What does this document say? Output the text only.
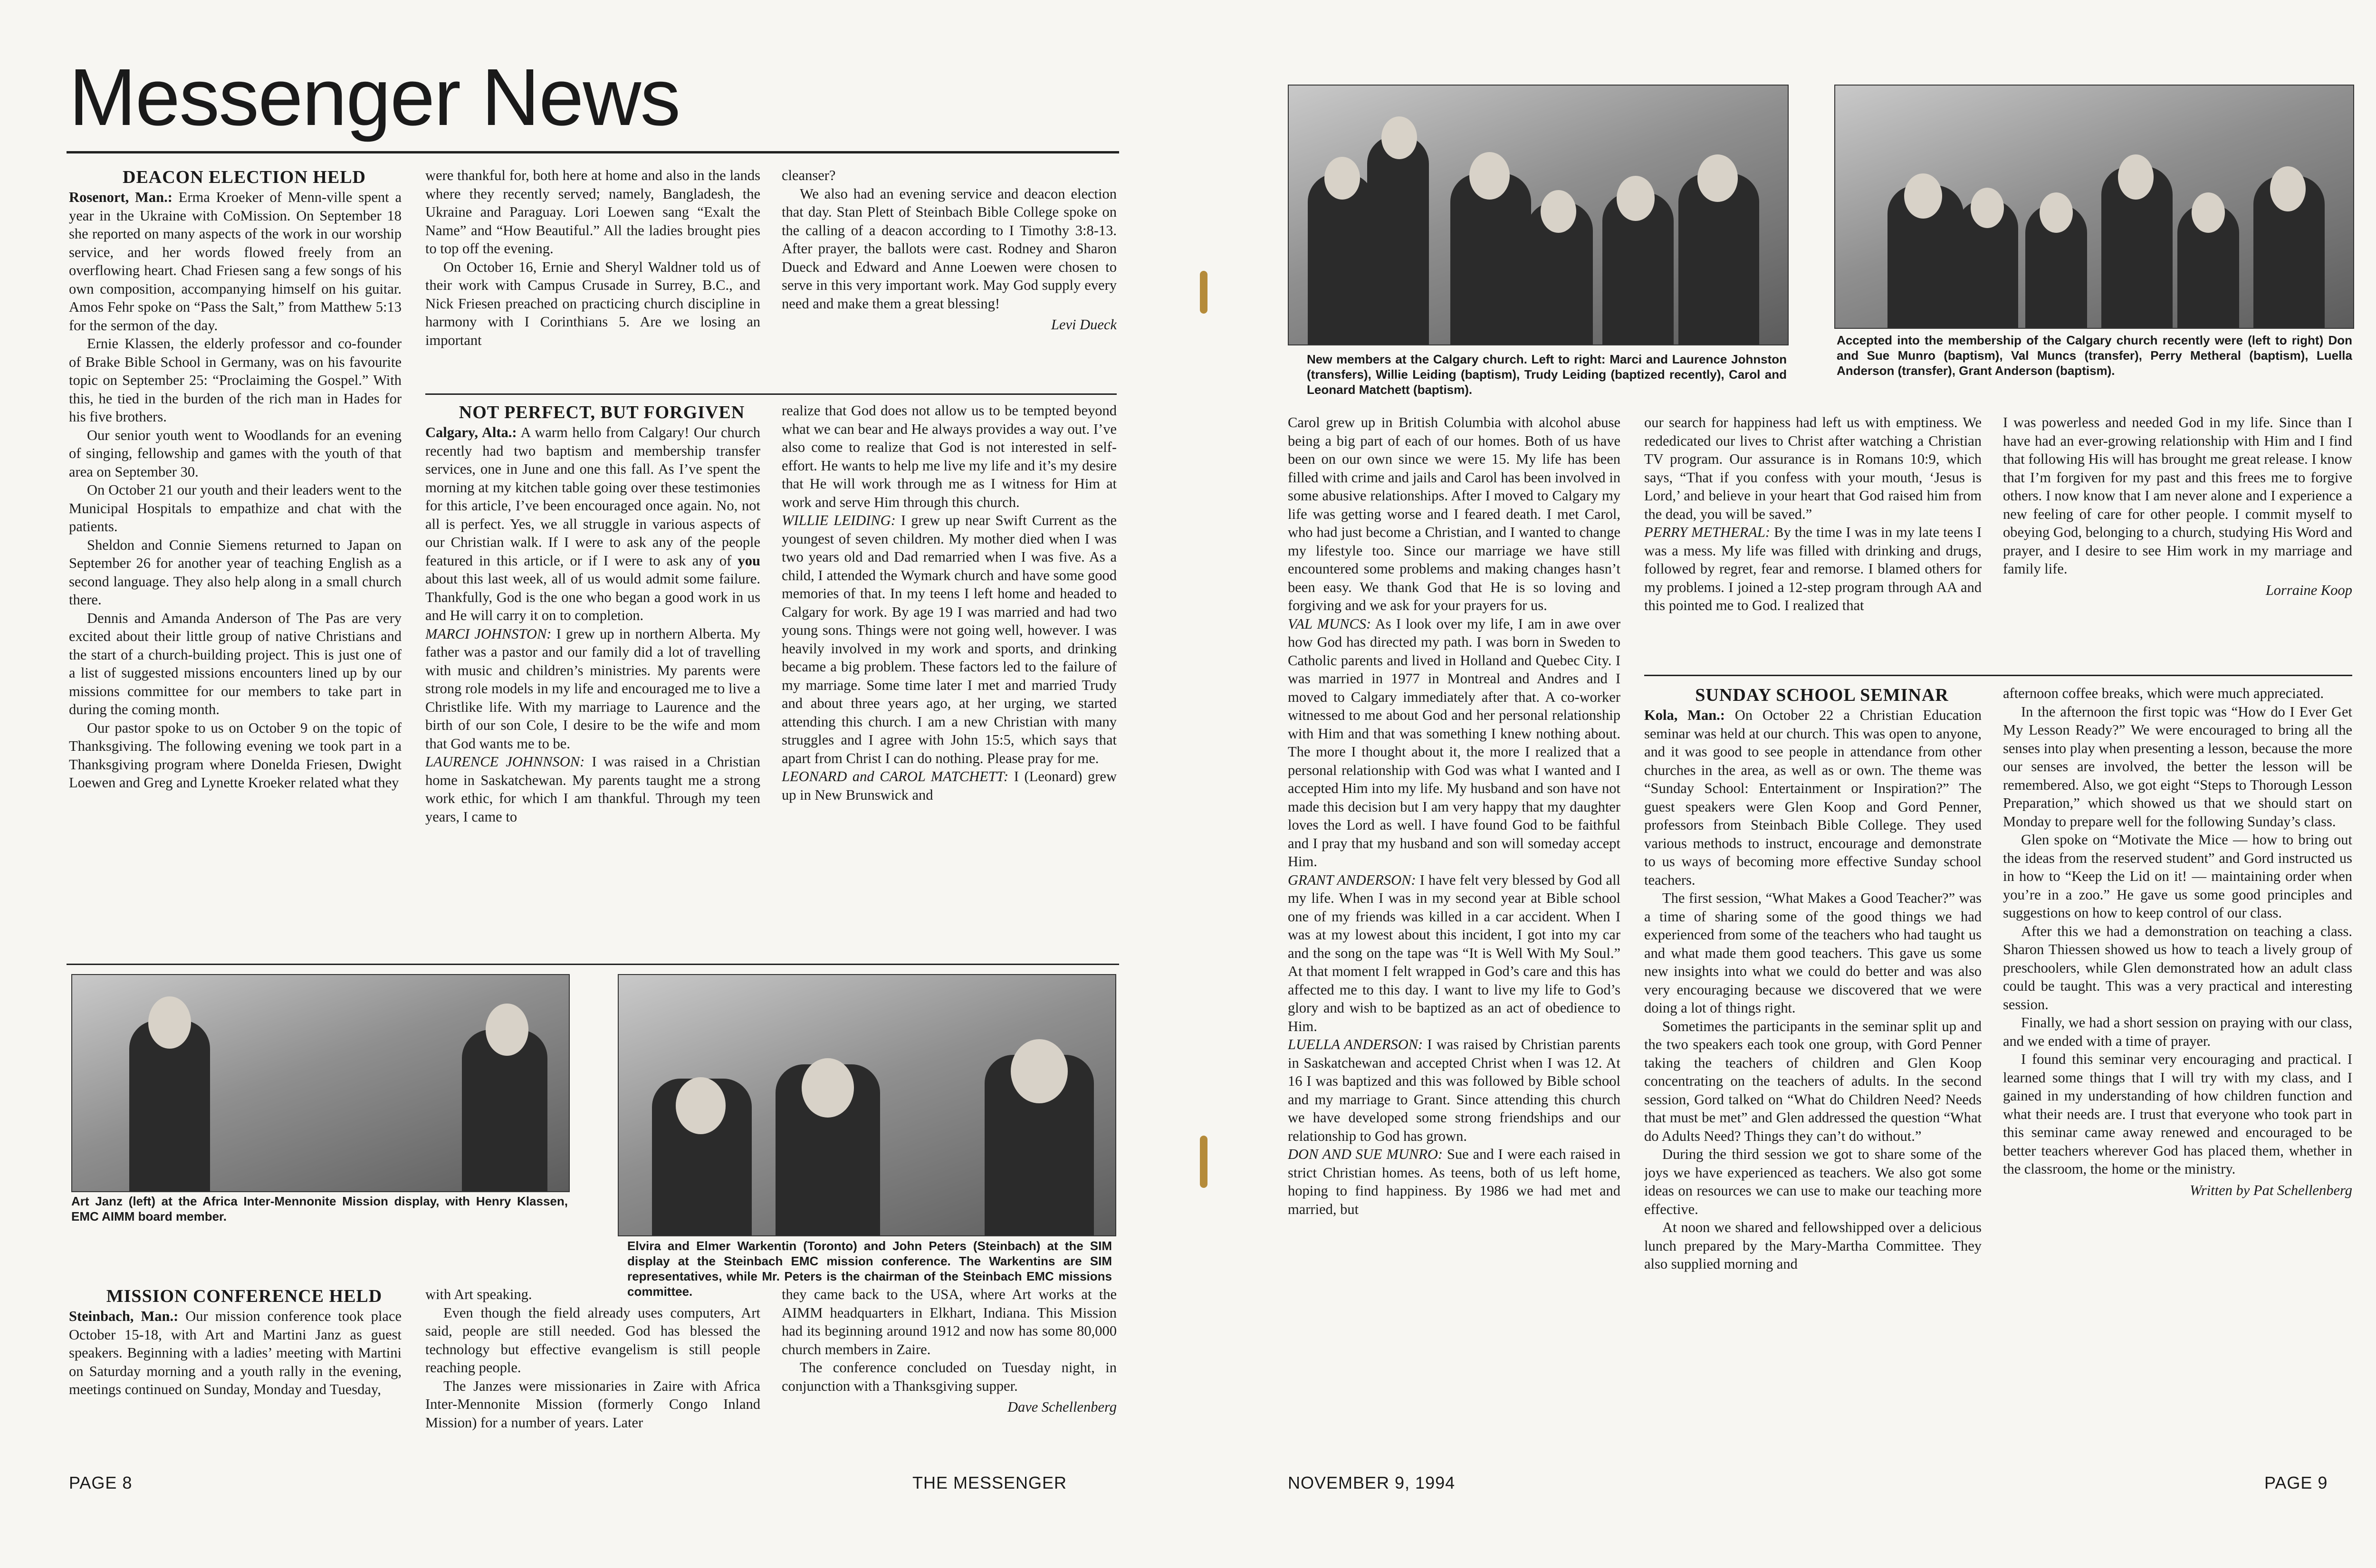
Messenger News

DEACON ELECTION HELD

Rosenort, Man.: Erma Kroeker of Menn-ville spent a year in the Ukraine with CoMission. On September 18 she reported on many aspects of the work in our worship service, and her words flowed freely from an overflowing heart. Chad Friesen sang a few songs of his own composition, accompanying himself on his guitar. Amos Fehr spoke on “Pass the Salt,” from Matthew 5:13 for the sermon of the day.

Ernie Klassen, the elderly professor and co-founder of Brake Bible School in Germany, was on his favourite topic on September 25: “Proclaiming the Gospel.” With this, he tied in the burden of the rich man in Hades for his five brothers.

Our senior youth went to Woodlands for an evening of singing, fellowship and games with the youth of that area on September 30.

On October 21 our youth and their leaders went to the Municipal Hospitals to empathize and chat with the patients.

Sheldon and Connie Siemens returned to Japan on September 26 for another year of teaching English as a second language. They also help along in a small church there.

Dennis and Amanda Anderson of The Pas are very excited about their little group of native Christians and the start of a church-building project. This is just one of a list of suggested missions encounters lined up by our missions committee for our members to take part in during the coming month.

Our pastor spoke to us on October 9 on the topic of Thanksgiving. The following evening we took part in a Thanksgiving program where Donelda Friesen, Dwight Loewen and Greg and Lynette Kroeker related what they

were thankful for, both here at home and also in the lands where they recently served; namely, Bangladesh, the Ukraine and Paraguay. Lori Loewen sang “Exalt the Name” and “How Beautiful.” All the ladies brought pies to top off the evening.

On October 16, Ernie and Sheryl Waldner told us of their work with Campus Crusade in Surrey, B.C., and Nick Friesen preached on practicing church discipline in harmony with I Corinthians 5. Are we losing an important

cleanser?

We also had an evening service and deacon election that day. Stan Plett of Steinbach Bible College spoke on the calling of a deacon according to I Timothy 3:8-13. After prayer, the ballots were cast. Rodney and Sharon Dueck and Edward and Anne Loewen were chosen to serve in this very important work. May God supply every need and make them a great blessing!

Levi Dueck

NOT PERFECT, BUT FORGIVEN

Calgary, Alta.: A warm hello from Calgary! Our church recently had two baptism and membership transfer services, one in June and one this fall. As I’ve spent the morning at my kitchen table going over these testimonies for this article, I’ve been encouraged once again. No, not all is perfect. Yes, we all struggle in various aspects of our Christian walk. If I were to ask any of the people featured in this article, or if I were to ask any of you about this last week, all of us would admit some failure. Thankfully, God is the one who began a good work in us and He will carry it on to completion.

MARCI JOHNSTON: I grew up in northern Alberta. My father was a pastor and our family did a lot of travelling with music and children’s ministries. My parents were strong role models in my life and encouraged me to live a Christlike life. With my marriage to Laurence and the birth of our son Cole, I desire to be the wife and mom that God wants me to be.

LAURENCE JOHNNSON: I was raised in a Christian home in Saskatchewan. My parents taught me a strong work ethic, for which I am thankful. Through my teen years, I came to

realize that God does not allow us to be tempted beyond what we can bear and He always provides a way out. I’ve also come to realize that God is not interested in self-effort. He wants to help me live my life and it’s my desire that He will work through me as I witness for Him at work and serve Him through this church.

WILLIE LEIDING: I grew up near Swift Current as the youngest of seven children. My mother died when I was two years old and Dad remarried when I was five. As a child, I attended the Wymark church and have some good memories of that. In my teens I left home and headed to Calgary for work. By age 19 I was married and had two young sons. Things were not going well, however. I was heavily involved in my work and sports, and drinking became a big problem. These factors led to the failure of my marriage. Some time later I met and married Trudy and about three years ago, at her urging, we started attending this church. I am a new Christian with many struggles and I agree with John 15:5, which says that apart from Christ I can do nothing. Please pray for me.

LEONARD and CAROL MATCHETT: I (Leonard) grew up in New Brunswick and

Art Janz (left) at the Africa Inter-Mennonite Mission display, with Henry Klassen, EMC AIMM board member.
Elvira and Elmer Warkentin (Toronto) and John Peters (Steinbach) at the SIM display at the Steinbach EMC mission conference. The Warkentins are SIM representatives, while Mr. Peters is the chairman of the Steinbach EMC missions committee.

MISSION CONFERENCE HELD

Steinbach, Man.: Our mission conference took place October 15-18, with Art and Martini Janz as guest speakers. Beginning with a ladies’ meeting with Martini on Saturday morning and a youth rally in the evening, meetings continued on Sunday, Monday and Tuesday,

with Art speaking.

Even though the field already uses computers, Art said, people are still needed. God has blessed the technology but effective evangelism is still people reaching people.

The Janzes were missionaries in Zaire with Africa Inter-Mennonite Mission (formerly Congo Inland Mission) for a number of years. Later

they came back to the USA, where Art works at the AIMM headquarters in Elkhart, Indiana. This Mission had its beginning around 1912 and now has some 80,000 church members in Zaire.

The conference concluded on Tuesday night, in conjunction with a Thanksgiving supper.

Dave Schellenberg

PAGE 8	THE MESSENGER
New members at the Calgary church. Left to right: Marci and Laurence Johnston (transfers), Willie Leiding (baptism), Trudy Leiding (baptized recently), Carol and Leonard Matchett (baptism).
Accepted into the membership of the Calgary church recently were (left to right) Don and Sue Munro (baptism), Val Muncs (transfer), Perry Metheral (baptism), Luella Anderson (transfer), Grant Anderson (baptism).

Carol grew up in British Columbia with alcohol abuse being a big part of each of our homes. Both of us have been on our own since we were 15. My life has been filled with crime and jails and Carol has been involved in some abusive relationships. After I moved to Calgary my life was getting worse and I feared death. I met Carol, who had just become a Christian, and I wanted to change my lifestyle too. Since our marriage we have still encountered some problems and making changes hasn’t been easy. We thank God that He is so loving and forgiving and we ask for your prayers for us.

VAL MUNCS: As I look over my life, I am in awe over how God has directed my path. I was born in Sweden to Catholic parents and lived in Holland and Quebec City. I was married in 1977 in Montreal and Andres and I moved to Calgary immediately after that. A co-worker witnessed to me about God and her personal relationship with Him and that was something I knew nothing about. The more I thought about it, the more I realized that a personal relationship with God was what I wanted and I accepted Him into my life. My husband and son have not made this decision but I am very happy that my daughter loves the Lord as well. I have found God to be faithful and I pray that my husband and son will someday accept Him.

GRANT ANDERSON: I have felt very blessed by God all my life. When I was in my second year at Bible school one of my friends was killed in a car accident. When I was at my lowest about this incident, I got into my car and the song on the tape was “It is Well With My Soul.” At that moment I felt wrapped in God’s care and this has affected me to this day. I want to live my life to God’s glory and wish to be baptized as an act of obedience to Him.

LUELLA ANDERSON: I was raised by Christian parents in Saskatchewan and accepted Christ when I was 12. At 16 I was baptized and this was followed by Bible school and my marriage to Grant. Since attending this church we have developed some strong friendships and our relationship to God has grown.

DON AND SUE MUNRO: Sue and I were each raised in strict Christian homes. As teens, both of us left home, hoping to find happiness. By 1986 we had met and married, but

our search for happiness had left us with emptiness. We rededicated our lives to Christ after watching a Christian TV program. Our assurance is in Romans 10:9, which says, “That if you confess with your mouth, ‘Jesus is Lord,’ and believe in your heart that God raised him from the dead, you will be saved.”

PERRY METHERAL: By the time I was in my late teens I was a mess. My life was filled with drinking and drugs, followed by regret, fear and remorse. I blamed others for my problems. I joined a 12-step program through AA and this pointed me to God. I realized that

I was powerless and needed God in my life. Since than I have had an ever-growing relationship with Him and I find that following His will has brought me great release. I know that I’m forgiven for my past and this frees me to forgive others. I now know that I am never alone and I experience a new feeling of care for other people. I commit myself to obeying God, belonging to a church, studying His Word and prayer, and I desire to see Him work in my marriage and family life.

Lorraine Koop

SUNDAY SCHOOL SEMINAR

Kola, Man.: On October 22 a Christian Education seminar was held at our church. This was open to anyone, and it was good to see people in attendance from other churches in the area, as well as or own. The theme was “Sunday School: Entertainment or Inspiration?” The guest speakers were Glen Koop and Gord Penner, professors from Steinbach Bible College. They used various methods to instruct, encourage and demonstrate to us ways of becoming more effective Sunday school teachers.

The first session, “What Makes a Good Teacher?” was a time of sharing some of the good things we had experienced from some of the teachers who had taught us and what made them good teachers. This gave us some new insights into what we could do better and was also very encouraging because we discovered that we were doing a lot of things right.

Sometimes the participants in the seminar split up and the two speakers each took one group, with Gord Penner taking the teachers of children and Glen Koop concentrating on the teachers of adults. In the second session, Gord talked on “What do Children Need? Needs that must be met” and Glen addressed the question “What do Adults Need? Things they can’t do without.”

During the third session we got to share some of the joys we have experienced as teachers. We also got some ideas on resources we can use to make our teaching more effective.

At noon we shared and fellowshipped over a delicious lunch prepared by the Mary-Martha Committee. They also supplied morning and

afternoon coffee breaks, which were much appreciated.

In the afternoon the first topic was “How do I Ever Get My Lesson Ready?” We were encouraged to bring all the senses into play when presenting a lesson, because the more our senses are involved, the better the lesson will be remembered. Also, we got eight “Steps to Thorough Lesson Preparation,” which showed us that we should start on Monday to prepare well for the following Sunday’s class.

Glen spoke on “Motivate the Mice — how to bring out the ideas from the reserved student” and Gord instructed us in how to “Keep the Lid on it! — maintaining order when you’re in a zoo.” He gave us some good principles and suggestions on how to keep control of our class.

After this we had a demonstration on teaching a class. Sharon Thiessen showed us how to teach a lively group of preschoolers, while Glen demonstrated how an adult class could be taught. This was a very practical and interesting session.

Finally, we had a short session on praying with our class, and we ended with a time of prayer.

I found this seminar very encouraging and practical. I learned some things that I will try with my class, and I gained in my understanding of how children function and what their needs are. I trust that everyone who took part in this seminar came away renewed and encouraged to be better teachers wherever God has placed them, whether in the classroom, the home or the ministry.

Written by Pat Schellenberg

NOVEMBER 9, 1994	PAGE 9
